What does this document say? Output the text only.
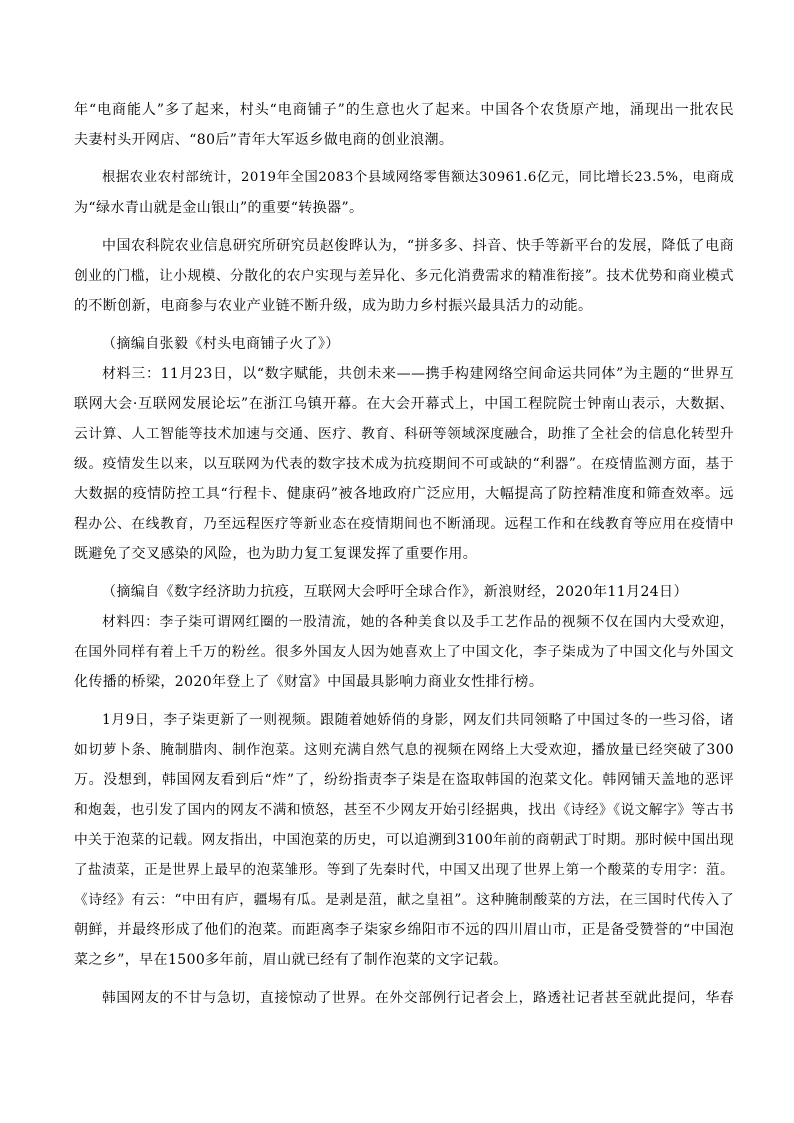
年“电商能人”多了起来，村头“电商铺子”的生意也火了起来。中国各个农货原产地，涌现出一批农民
夫妻村头开网店、“80后”青年大军返乡做电商的创业浪潮。
根据农业农村部统计，2019年全国2083个县域网络零售额达30961.6亿元，同比增长23.5%，电商成
为“绿水青山就是金山银山”的重要“转换器”。
中国农科院农业信息研究所研究员赵俊晔认为，“拼多多、抖音、快手等新平台的发展，降低了电商
创业的门槛，让小规模、分散化的农户实现与差异化、多元化消费需求的精准衔接”。技术优势和商业模式
的不断创新，电商参与农业产业链不断升级，成为助力乡村振兴最具活力的动能。
（摘编自张毅《村头电商铺子火了》）
材料三：11月23日，以“数字赋能，共创未来——携手构建网络空间命运共同体”为主题的“世界互
联网大会·互联网发展论坛”在浙江乌镇开幕。在大会开幕式上，中国工程院院士钟南山表示，大数据、
云计算、人工智能等技术加速与交通、医疗、教育、科研等领域深度融合，助推了全社会的信息化转型升
级。疫情发生以来，以互联网为代表的数字技术成为抗疫期间不可或缺的“利器”。在疫情监测方面，基于
大数据的疫情防控工具“行程卡、健康码”被各地政府广泛应用，大幅提高了防控精准度和筛查效率。远
程办公、在线教育，乃至远程医疗等新业态在疫情期间也不断涌现。远程工作和在线教育等应用在疫情中
既避免了交叉感染的风险，也为助力复工复课发挥了重要作用。
（摘编自《数字经济助力抗疫，互联网大会呼吁全球合作》，新浪财经，2020年11月24日）
材料四：李子柒可谓网红圈的一股清流，她的各种美食以及手工艺作品的视频不仅在国内大受欢迎，
在国外同样有着上千万的粉丝。很多外国友人因为她喜欢上了中国文化，李子柒成为了中国文化与外国文
化传播的桥梁，2020年登上了《财富》中国最具影响力商业女性排行榜。
1月9日，李子柒更新了一则视频。跟随着她娇俏的身影，网友们共同领略了中国过冬的一些习俗，诸
如切萝卜条、腌制腊肉、制作泡菜。这则充满自然气息的视频在网络上大受欢迎，播放量已经突破了300
万。没想到，韩国网友看到后“炸”了，纷纷指责李子柒是在盗取韩国的泡菜文化。韩网铺天盖地的恶评
和炮轰，也引发了国内的网友不满和愤怒，甚至不少网友开始引经据典，找出《诗经》《说文解字》等古书
中关于泡菜的记载。网友指出，中国泡菜的历史，可以追溯到3100年前的商朝武丁时期。那时候中国出现
了盐渍菜，正是世界上最早的泡菜雏形。等到了先秦时代，中国又出现了世界上第一个酸菜的专用字：菹。
《诗经》有云：“中田有庐，疆埸有瓜。是剥是菹，献之皇祖”。这种腌制酸菜的方法，在三国时代传入了
朝鲜，并最终形成了他们的泡菜。而距离李子柒家乡绵阳市不远的四川眉山市，正是备受赞誉的“中国泡
菜之乡”，早在1500多年前，眉山就已经有了制作泡菜的文字记载。
韩国网友的不甘与急切，直接惊动了世界。在外交部例行记者会上，路透社记者甚至就此提问，华春
